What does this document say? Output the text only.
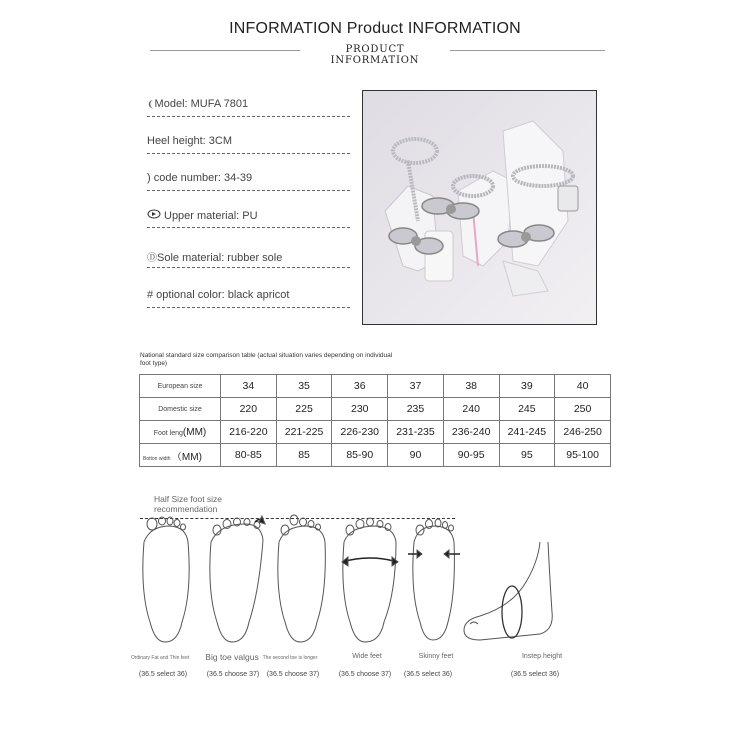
INFORMATION Product INFORMATION
PRODUCT INFORMATION
❨Model: MUFA 7801
Heel height: 3CM
) code number: 34-39
Upper material: PU
ⒹSole material: rubber sole
# optional color: black apricot
National standard size comparison table (actual situation varies depending on individual foot type)
European size	34	35	36	37	38	39	40
Domestic size	220	225	230	235	240	245	250
Foot leng(MM)	216-220	221-225	226-230	231-235	236-240	241-245	246-250
Botton width （MM)	80-85	85	85-90	90	90-95	95	95-100
Half Size foot size recommendation
Ordinary Fat and Thin feet	Big toe valgus The second toe is longer	Wide feet	Skinny feet	Instep height
(36.5 select 36)	(36.5 choose 37)	(36.5 choose 37)	(36.5 choose 37)	(36.5 select 36)	(36.5 select 36)
